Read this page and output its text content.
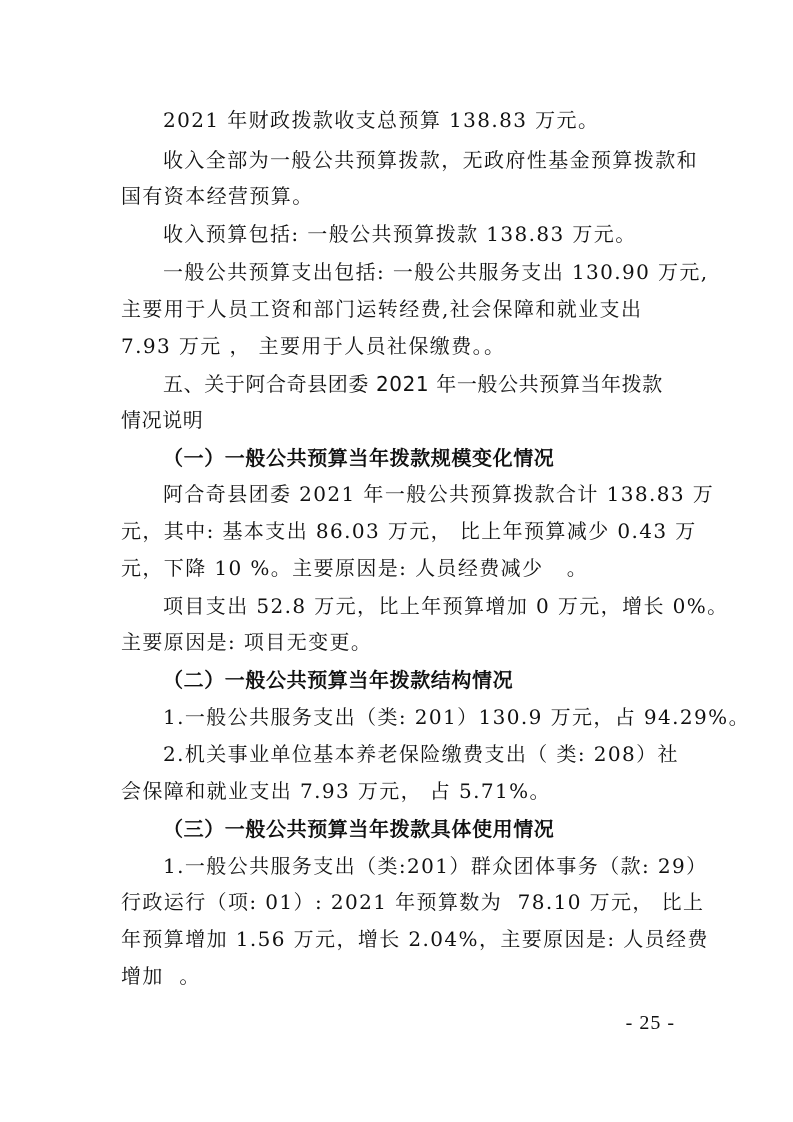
2021 年财政拨款收支总预算 138.83 万元。
收入全部为一般公共预算拨款，无政府性基金预算拨款和
国有资本经营预算。
收入预算包括: 一般公共预算拨款 138.83 万元。
一般公共预算支出包括: 一般公共服务支出 130.90 万元,
主要用于人员工资和部门运转经费,社会保障和就业支出
7.93 万元 ， 主要用于人员社保缴费。。
五、关于阿合奇县团委 2021 年一般公共预算当年拨款
情况说明
（一）一般公共预算当年拨款规模变化情况
阿合奇县团委 2021 年一般公共预算拨款合计 138.83 万
元，其中: 基本支出 86.03 万元， 比上年预算减少 0.43 万
元，下降 10 %。主要原因是: 人员经费减少   。
项目支出 52.8 万元，比上年预算增加 0 万元，增长 0%。
主要原因是: 项目无变更。
（二）一般公共预算当年拨款结构情况
1.一般公共服务支出（类: 201）130.9 万元，占 94.29%。
2.机关事业单位基本养老保险缴费支出（ 类: 208）社
会保障和就业支出 7.93 万元， 占 5.71%。
（三）一般公共预算当年拨款具体使用情况
1.一般公共服务支出（类:201）群众团体事务（款: 29）
行政运行（项: 01）: 2021 年预算数为  78.10 万元， 比上
年预算增加 1.56 万元，增长 2.04%，主要原因是: 人员经费
增加  。
- 25 -
